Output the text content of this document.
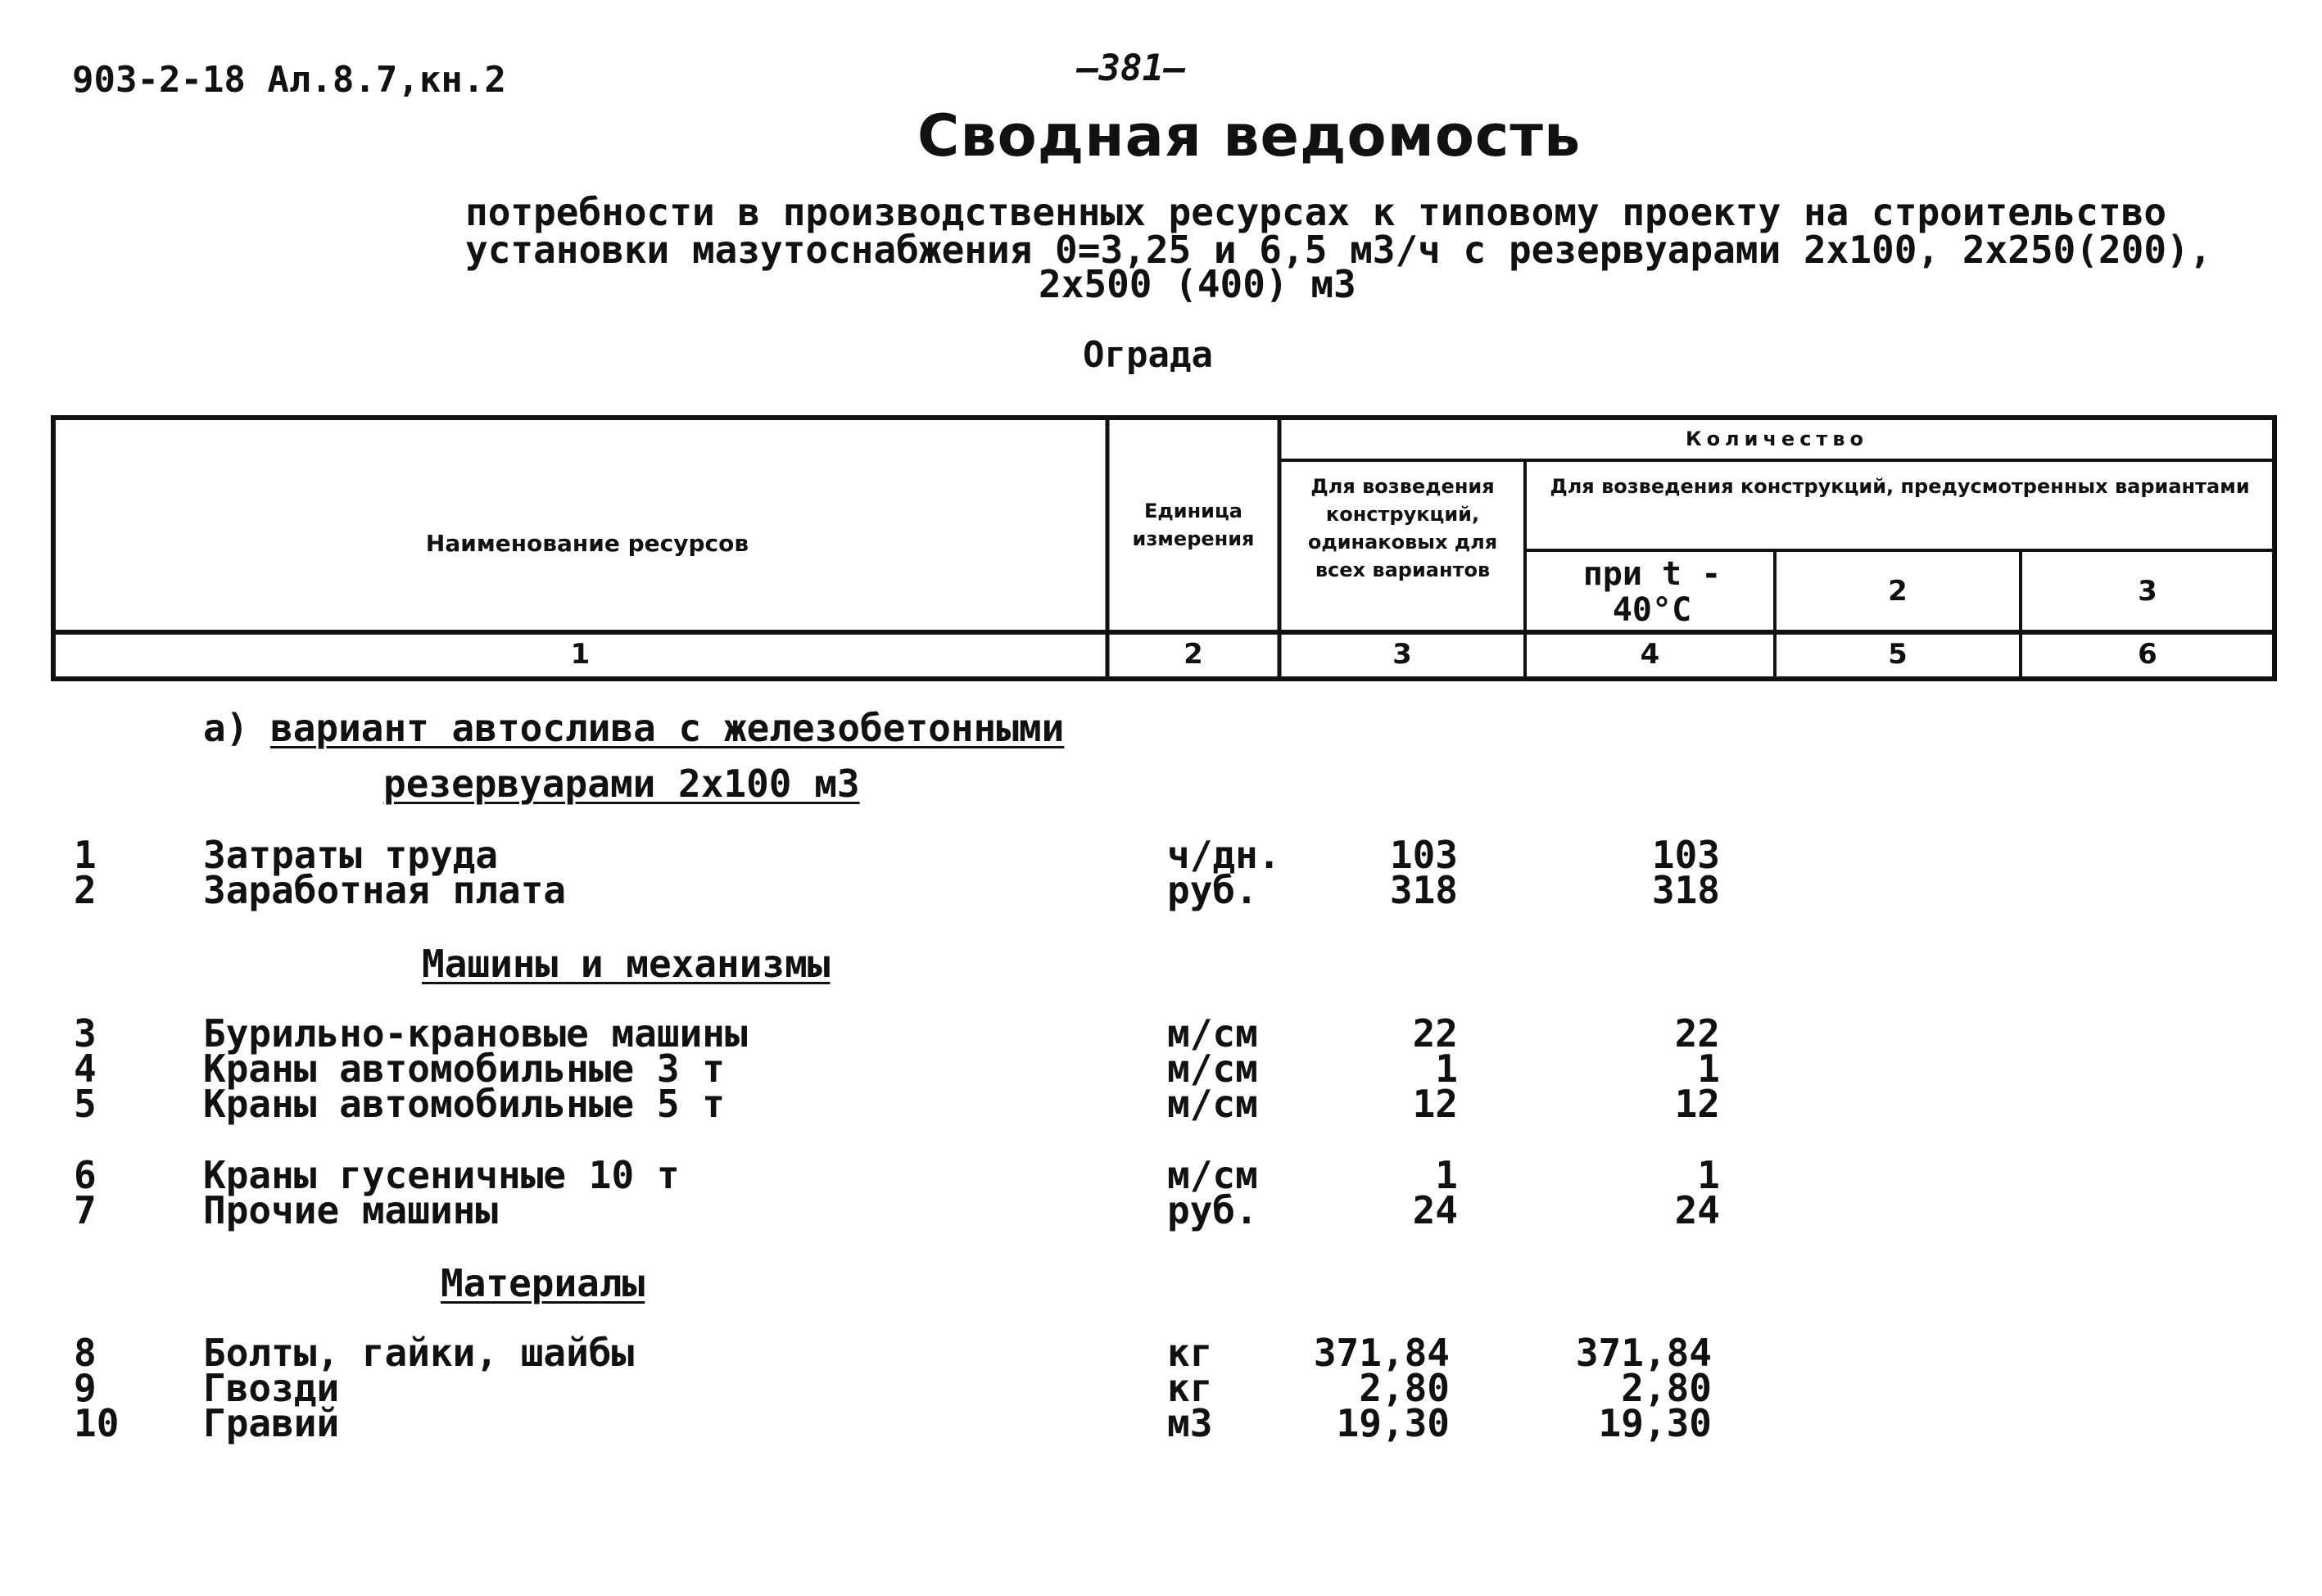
903-2-18 Ал.8.7,кн.2	—381—
Сводная ведомость
потребности в производственных ресурсах к типовому проекту на строительство
установки мазутоснабжения 0=3,25 и 6,5 м3/ч с резервуарами 2х100, 2х250(200),
2х500 (400) м3
Ограда
Наименование ресурсов
Единица измерения
Количество
Для возведения конструкций, одинаковых для всех вариантов
Для возведения конструкций, предусмотренных вариантами
при t - 40°С	2	3
1	2	3	4	5	6
а) вариант автослива с железобетонными
резервуарами 2х100 м3
1	Затраты труда	ч/дн.	103	103
2	Заработная плата	руб.	318	318
Машины и механизмы
3	Бурильно-крановые машины	м/см	22	22
4	Краны автомобильные 3 т	м/см	1	1
5	Краны автомобильные 5 т	м/см	12	12
6	Краны гусеничные 10 т	м/см	1	1
7	Прочие машины	руб.	24	24
Материалы
8	Болты, гайки, шайбы	кг	371,84	371,84
9	Гвозди	кг	2,80	2,80
10 Гравий	м3	19,30	19,30
